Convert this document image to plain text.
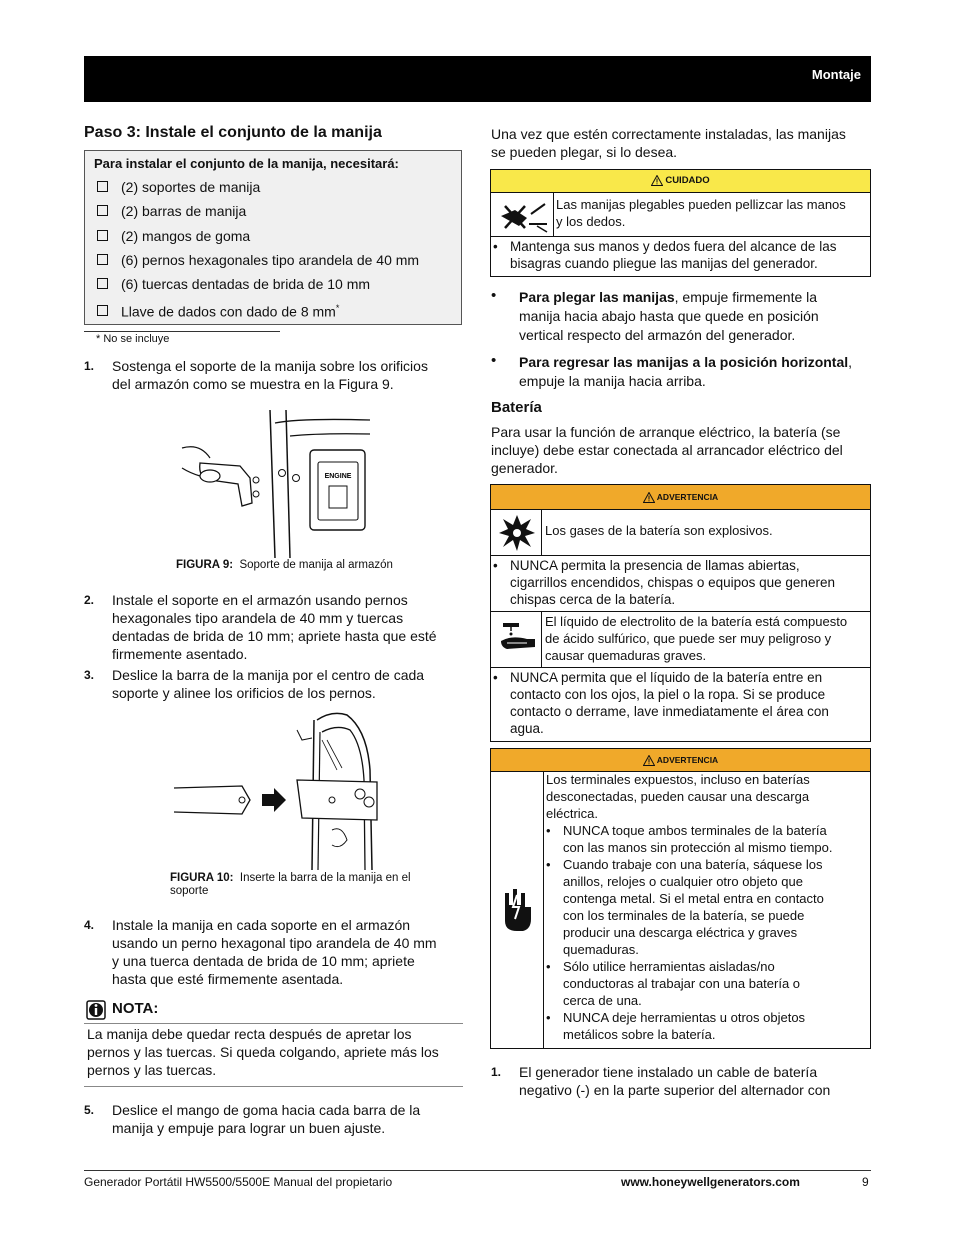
Montaje
Paso 3: Instale el conjunto de la manija
Para instalar el conjunto de la manija, necesitará:
(2) soportes de manija
(2) barras de manija
(2) mangos de goma
(6) pernos hexagonales tipo arandela de 40 mm
(6) tuercas dentadas de brida de 10 mm
Llave de dados con dado de 8 mm*
* No se incluye
1. Sostenga el soporte de la manija sobre los orificios
del armazón como se muestra en la Figura 9.
ENGINE
FIGURA 9: Soporte de manija al armazón
2. Instale el soporte en el armazón usando pernos
hexagonales tipo arandela de 40 mm y tuercas
dentadas de brida de 10 mm; apriete hasta que esté
firmemente asentado.
3. Deslice la barra de la manija por el centro de cada
soporte y alinee los orificios de los pernos.
FIGURA 10: Inserte la barra de la manija en el
soporte
4. Instale la manija en cada soporte en el armazón
usando un perno hexagonal tipo arandela de 40 mm
y una tuerca dentada de brida de 10 mm; apriete
hasta que esté firmemente asentada.
NOTA:
La manija debe quedar recta después de apretar los
pernos y las tuercas. Si queda colgando, apriete más los
pernos y las tuercas.
5. Deslice el mango de goma hacia cada barra de la
manija y empuje para lograr un buen ajuste.
Una vez que estén correctamente instaladas, las manijas
se pueden plegar, si lo desea.
CUIDADO
Las manijas plegables pueden pellizcar las manos
y los dedos.
• Mantenga sus manos y dedos fuera del alcance de las
bisagras cuando pliegue las manijas del generador.
• Para plegar las manijas, empuje firmemente la
manija hacia abajo hasta que quede en posición
vertical respecto del armazón del generador.
• Para regresar las manijas a la posición horizontal,
empuje la manija hacia arriba.
Batería
Para usar la función de arranque eléctrico, la batería (se
incluye) debe estar conectada al arrancador eléctrico del
generador.
ADVERTENCIA
Los gases de la batería son explosivos.
• NUNCA permita la presencia de llamas abiertas,
cigarrillos encendidos, chispas o equipos que generen
chispas cerca de la batería.
El líquido de electrolito de la batería está compuesto
de ácido sulfúrico, que puede ser muy peligroso y
causar quemaduras graves.
• NUNCA permita que el líquido de la batería entre en
contacto con los ojos, la piel o la ropa. Si se produce
contacto o derrame, lave inmediatamente el área con
agua.
ADVERTENCIA
Los terminales expuestos, incluso en baterías
desconectadas, pueden causar una descarga
eléctrica.
• NUNCA toque ambos terminales de la batería
con las manos sin protección al mismo tiempo.
• Cuando trabaje con una batería, sáquese los
anillos, relojes o cualquier otro objeto que
contenga metal. Si el metal entra en contacto
con los terminales de la batería, se puede
producir una descarga eléctrica y graves
quemaduras.
• Sólo utilice herramientas aisladas/no
conductoras al trabajar con una batería o
cerca de una.
• NUNCA deje herramientas u otros objetos
metálicos sobre la batería.
1. El generador tiene instalado un cable de batería
negativo (-) en la parte superior del alternador con
Generador Portátil HW5500/5500E Manual del propietario	www.honeywellgenerators.com	9
